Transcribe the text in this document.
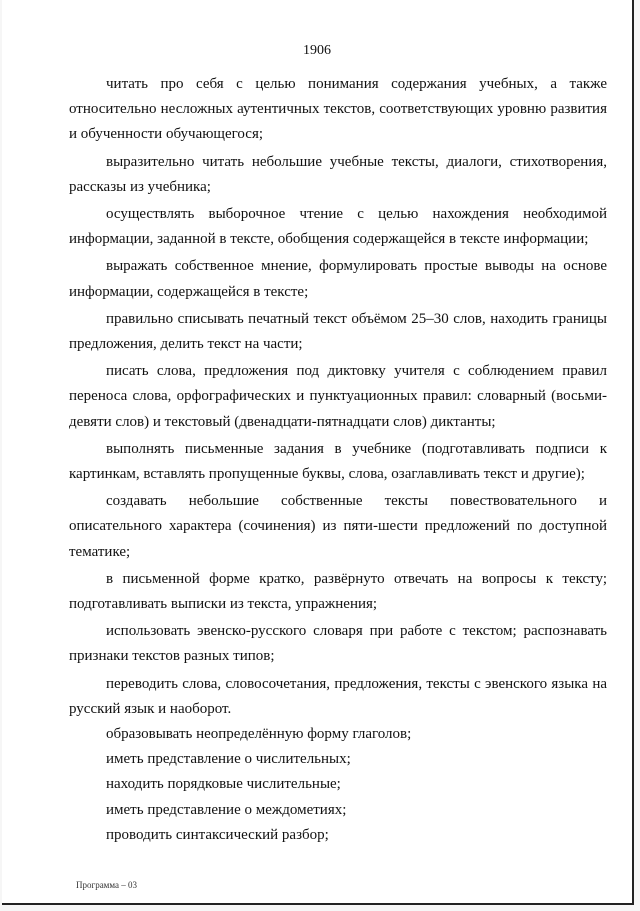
1906

читать про себя с целью понимания содержания учебных, а также относительно несложных аутентичных текстов, соответствующих уровню развития и обученности обучающегося;

выразительно читать небольшие учебные тексты, диалоги, стихотворения, рассказы из учебника;

осуществлять выборочное чтение с целью нахождения необходимой информации, заданной в тексте, обобщения содержащейся в тексте информации;

выражать собственное мнение, формулировать простые выводы на основе информации, содержащейся в тексте;

правильно списывать печатный текст объёмом 25–30 слов, находить границы предложения, делить текст на части;

писать слова, предложения под диктовку учителя с соблюдением правил переноса слова, орфографических и пунктуационных правил: словарный (восьми-девяти слов) и текстовый (двенадцати-пятнадцати слов) диктанты;

выполнять письменные задания в учебнике (подготавливать подписи к картинкам, вставлять пропущенные буквы, слова, озаглавливать текст и другие);

создавать небольшие собственные тексты повествовательного и описательного характера (сочинения) из пяти-шести предложений по доступной тематике;

в письменной форме кратко, развёрнуто отвечать на вопросы к тексту; подготавливать выписки из текста, упражнения;

использовать эвенско-русского словаря при работе с текстом; распознавать признаки текстов разных типов;

переводить слова, словосочетания, предложения, тексты с эвенского языка на русский язык и наоборот.

образовывать неопределённую форму глаголов;

иметь представление о числительных;

находить порядковые числительные;

иметь представление о междометиях;

проводить синтаксический разбор;

Программа – 03
